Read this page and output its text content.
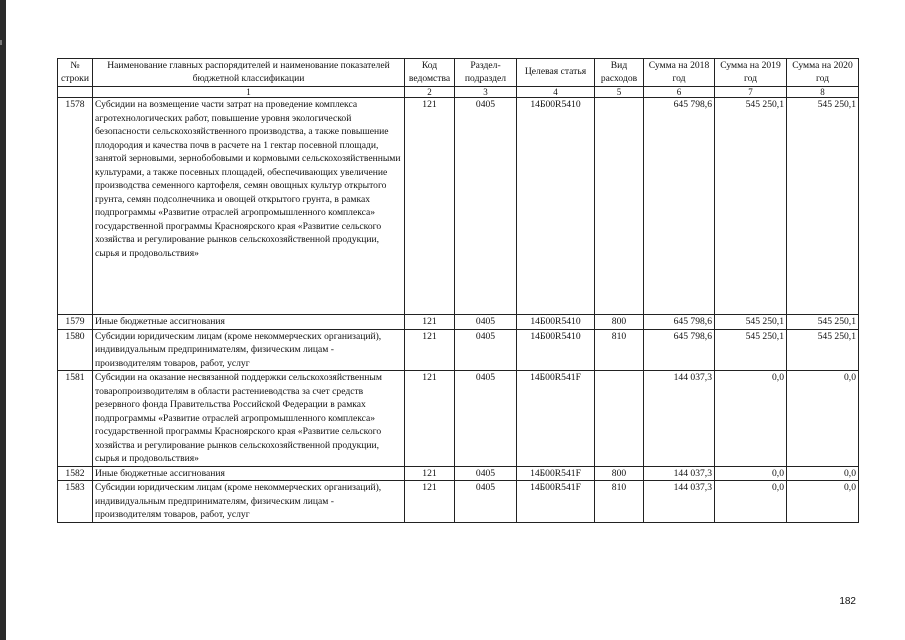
№ строки	Наименование главных распорядителей и наименование показателей бюджетной классификации	Код ведомства	Раздел-подраздел	Целевая статья	Вид расходов	Сумма на 2018 год	Сумма на 2019 год	Сумма на 2020 год
	1	2	3	4	5	6	7	8
1578	Субсидии на возмещение части затрат на проведение комплекса агротехнологических работ, повышение уровня экологической безопасности сельскохозяйственного производства, а также повышение плодородия и качества почв в расчете на 1 гектар посевной площади, занятой зерновыми, зернобобовыми и кормовыми сельскохозяйственными культурами, а также посевных площадей, обеспечивающих увеличение производства семенного картофеля, семян овощных культур открытого грунта, семян подсолнечника и овощей открытого грунта, в рамках подпрограммы «Развитие отраслей агропромышленного комплекса» государственной программы Красноярского края «Развитие сельского хозяйства и регулирование рынков сельскохозяйственной продукции, сырья и продовольствия»	121	0405	14Б00R5410		645 798,6	545 250,1	545 250,1
1579	Иные бюджетные ассигнования	121	0405	14Б00R5410	800	645 798,6	545 250,1	545 250,1
1580	Субсидии юридическим лицам (кроме некоммерческих организаций), индивидуальным предпринимателям, физическим лицам - производителям товаров, работ, услуг	121	0405	14Б00R5410	810	645 798,6	545 250,1	545 250,1
1581	Субсидии на оказание несвязанной поддержки сельскохозяйственным товаропроизводителям в области растениеводства за счет средств резервного фонда Правительства Российской Федерации в рамках подпрограммы «Развитие отраслей агропромышленного комплекса» государственной программы Красноярского края «Развитие сельского хозяйства и регулирование рынков сельскохозяйственной продукции, сырья и продовольствия»	121	0405	14Б00R541F		144 037,3	0,0	0,0
1582	Иные бюджетные ассигнования	121	0405	14Б00R541F	800	144 037,3	0,0	0,0
1583	Субсидии юридическим лицам (кроме некоммерческих организаций), индивидуальным предпринимателям, физическим лицам - производителям товаров, работ, услуг	121	0405	14Б00R541F	810	144 037,3	0,0	0,0
182
